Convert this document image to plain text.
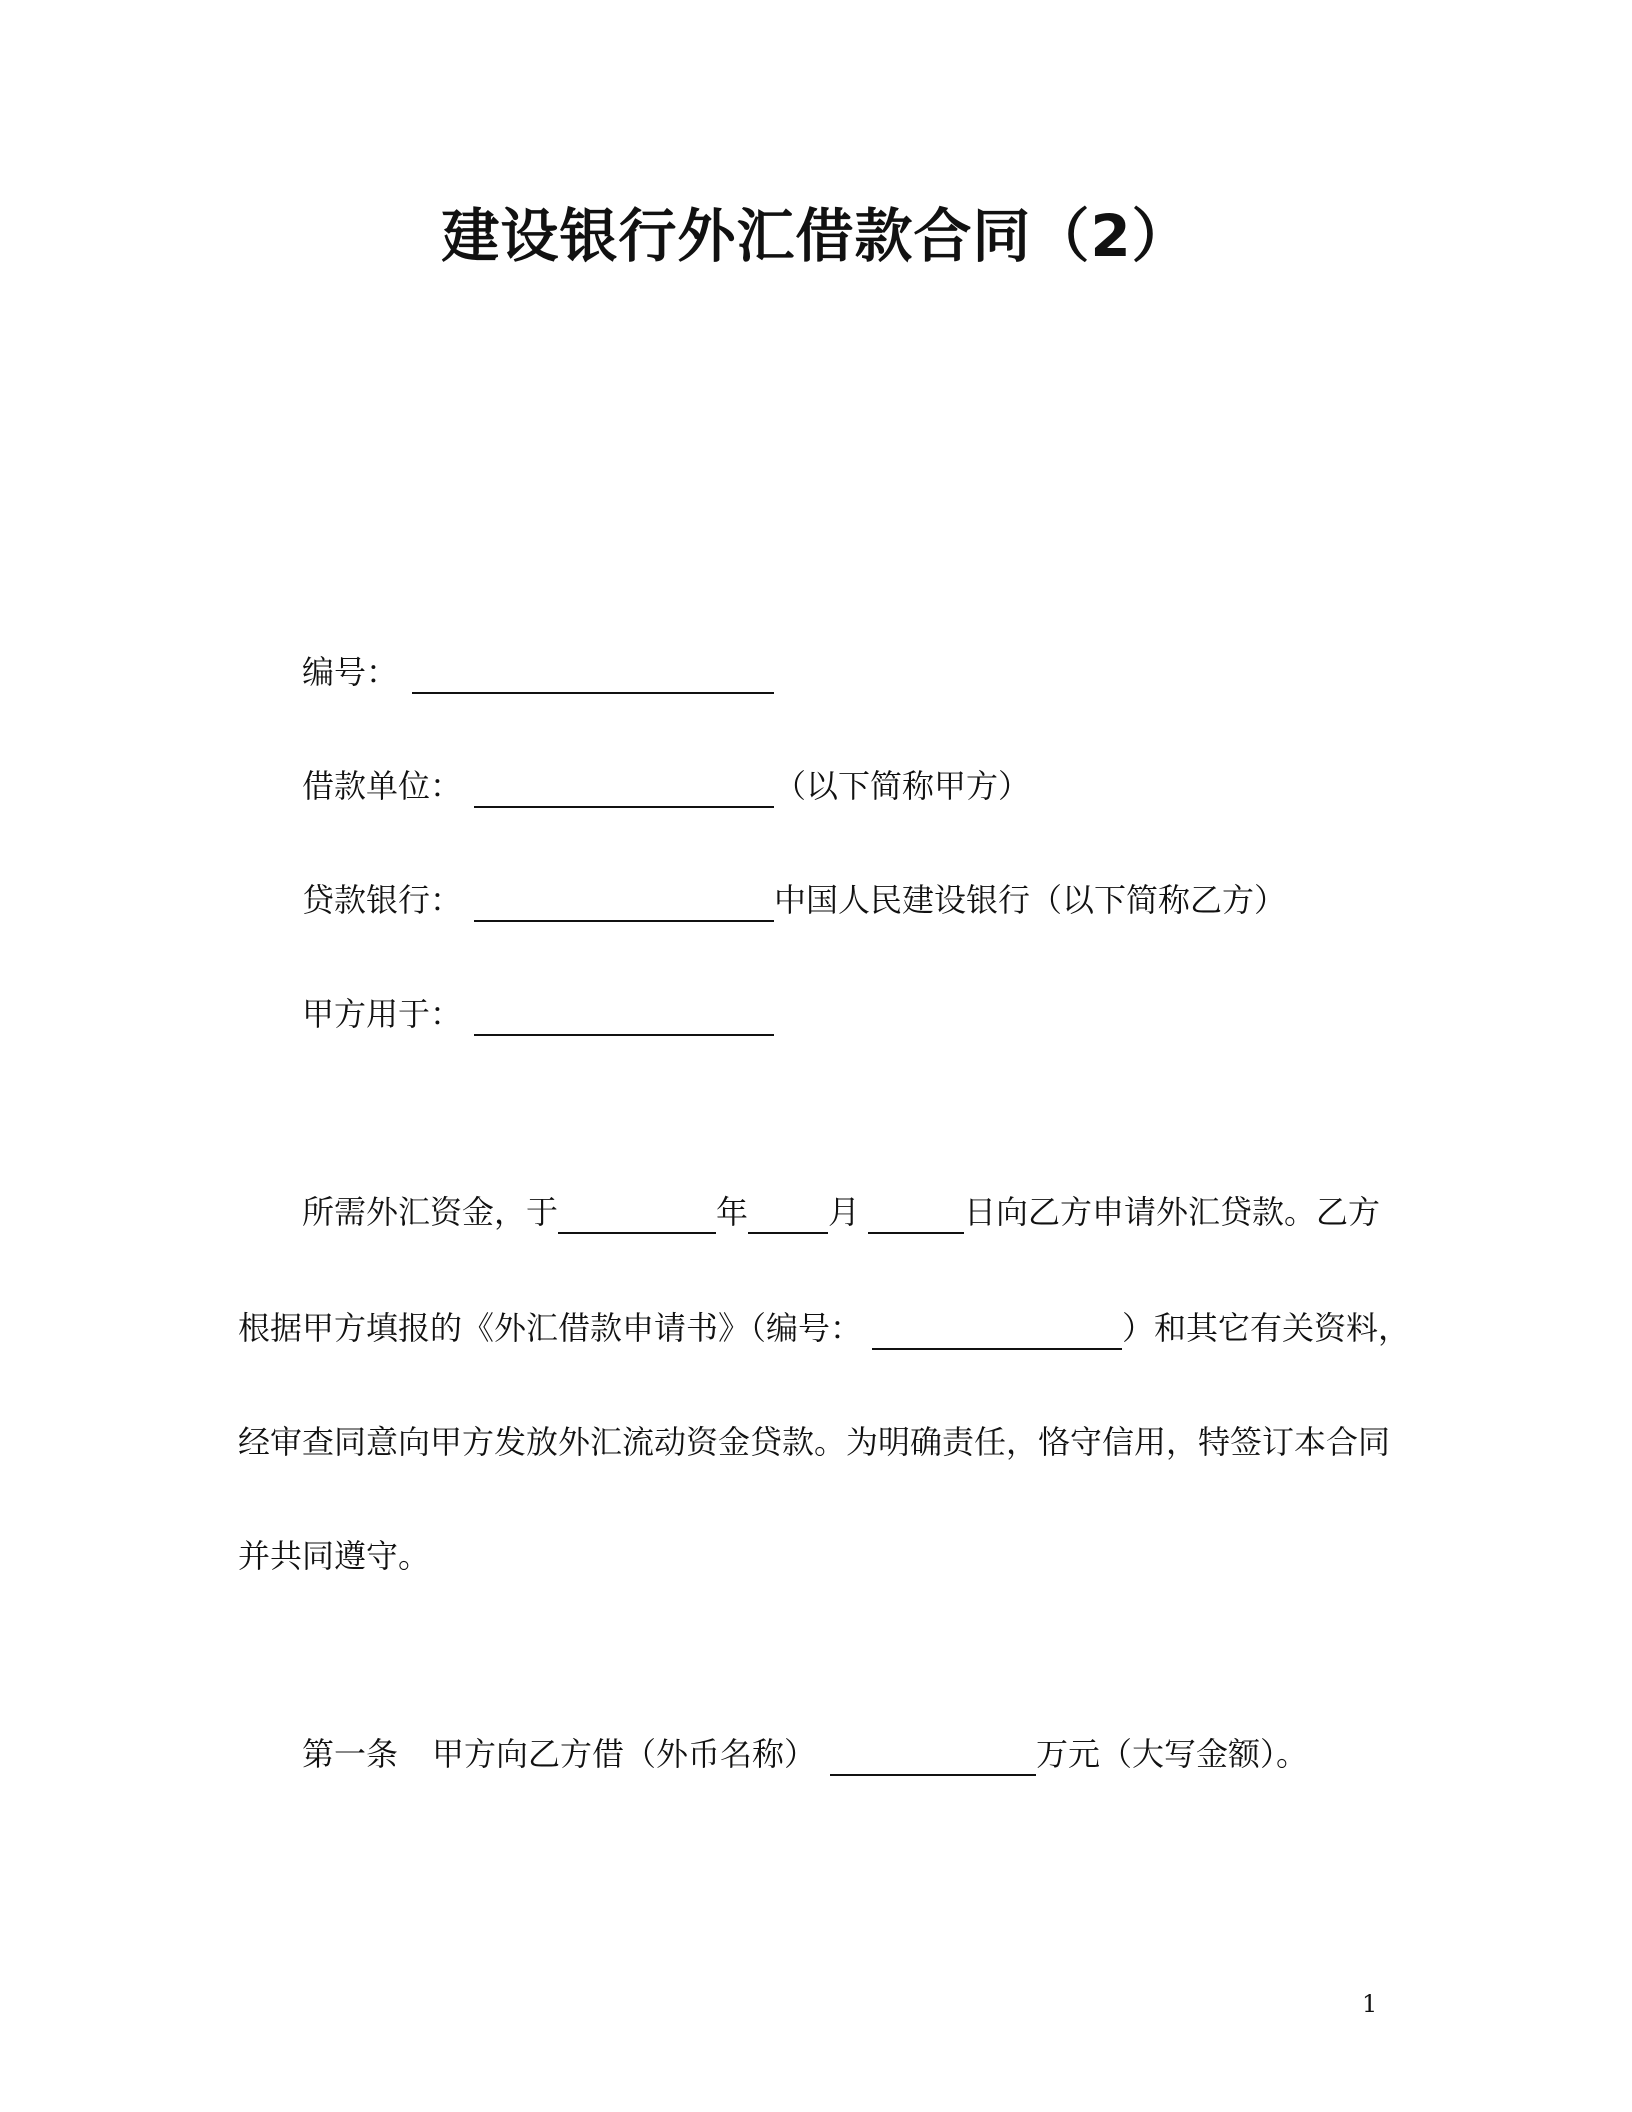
建设银行外汇借款合同（2）
编号：
借款单位：	（以下简称甲方）
贷款银行：	中国人民建设银行（以下简称乙方）
甲方用于：
所需外汇资金，于	年	月	日向乙方申请外汇贷款。乙方
根据甲方填报的《外汇借款申请书》（编号：	）和其它有关资料，
经审查同意向甲方发放外汇流动资金贷款。为明确责任，恪守信用，特签订本合同
并共同遵守。
第一条 甲方向乙方借（外币名称）	万元（大写金额）。
1
